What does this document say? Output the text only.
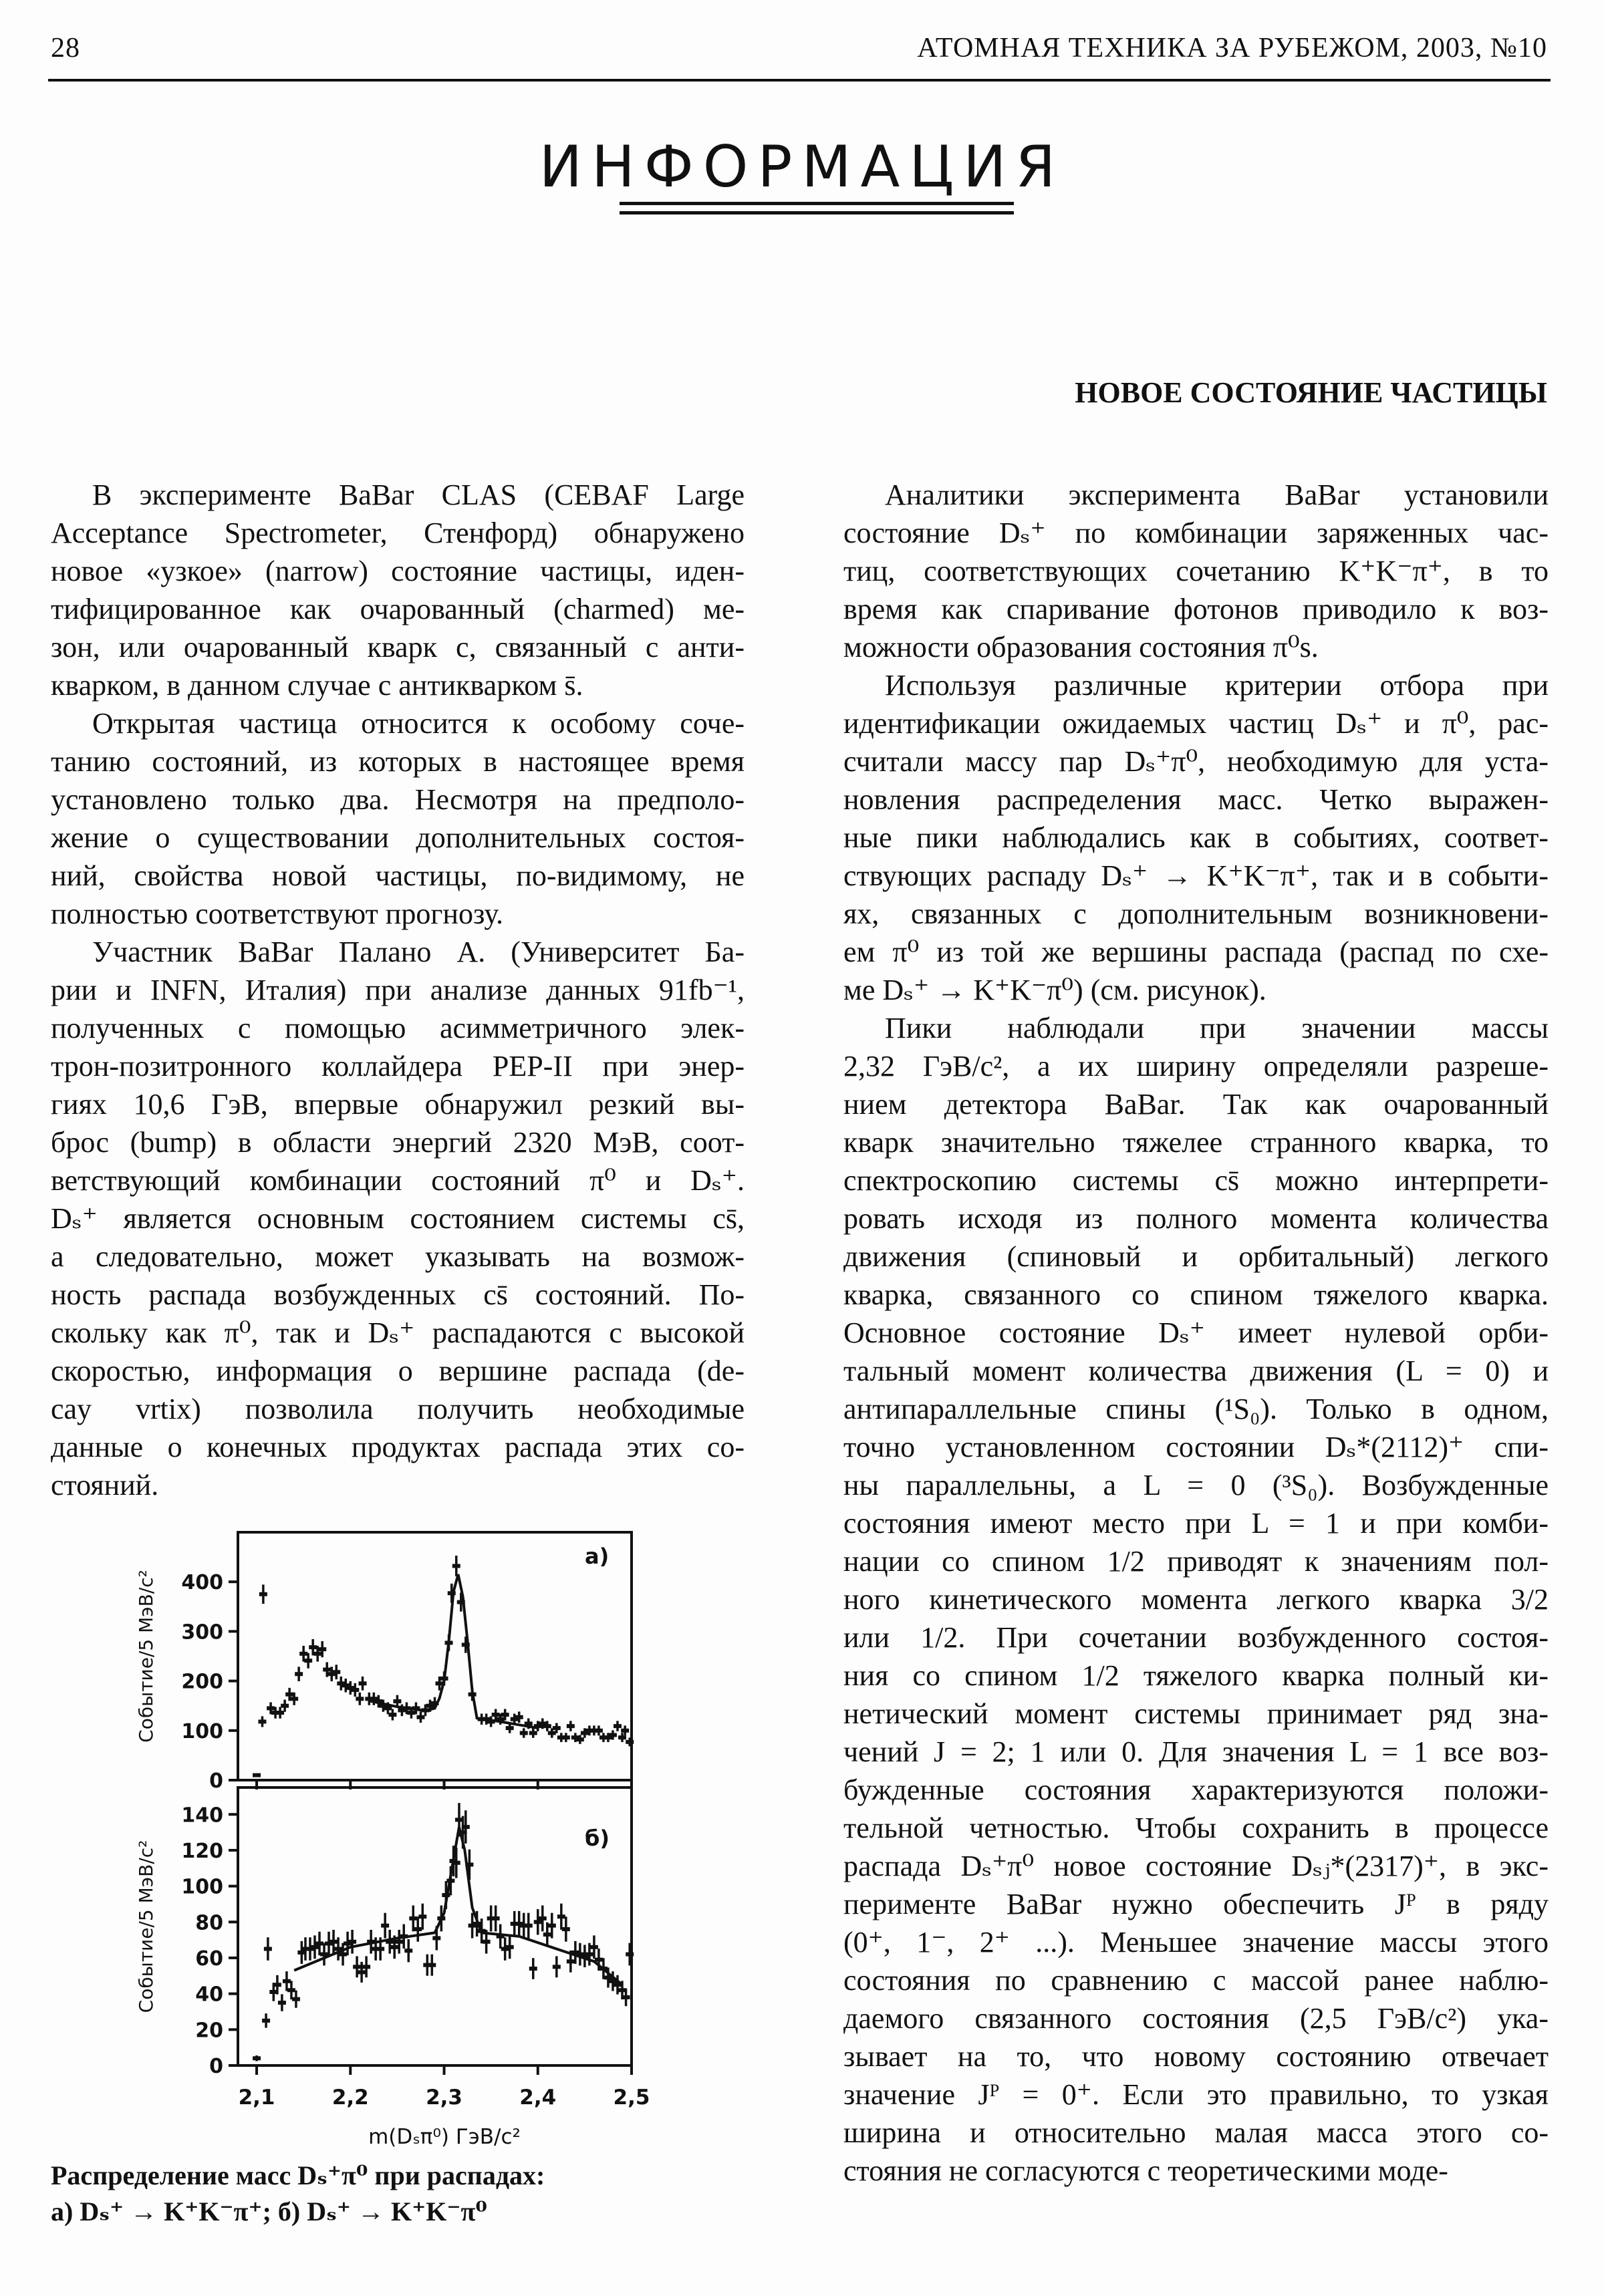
28	АТОМНАЯ ТЕХНИКА ЗА РУБЕЖОМ, 2003, №10
ИНФОРМАЦИЯ
НОВОЕ СОСТОЯНИЕ ЧАСТИЦЫ
В эксперименте BaBar CLAS (CEBAF Large
Acceptance Spectrometer, Стенфорд) обнаружено
новое «узкое» (narrow) состояние частицы, иден-
тифицированное как очарованный (charmed) ме-
зон, или очарованный кварк с, связанный с анти-
кварком, в данном случае с антикварком s̄.
Открытая частица относится к особому соче-
танию состояний, из которых в настоящее время
установлено только два. Несмотря на предполо-
жение о существовании дополнительных состоя-
ний, свойства новой частицы, по-видимому, не
полностью соответствуют прогнозу.
Участник BaBar Палано А. (Университет Ба-
рии и INFN, Италия) при анализе данных 91fb⁻¹,
полученных с помощью асимметричного элек-
трон-позитронного коллайдера PEP-II при энер-
гиях 10,6 ГэВ, впервые обнаружил резкий вы-
брос (bump) в области энергий 2320 МэВ, соот-
ветствующий комбинации состояний π⁰ и Dₛ⁺.
Dₛ⁺ является основным состоянием системы cs̄,
а следовательно, может указывать на возмож-
ность распада возбужденных cs̄ состояний. По-
скольку как π⁰, так и Dₛ⁺ распадаются с высокой
скоростью, информация о вершине распада (de-
cay vrtix) позволила получить необходимые
данные о конечных продуктах распада этих со-
стояний.
Аналитики эксперимента BaBar установили
состояние Dₛ⁺ по комбинации заряженных час-
тиц, соответствующих сочетанию K⁺K⁻π⁺, в то
время как спаривание фотонов приводило к воз-
можности образования состояния π⁰s.
Используя различные критерии отбора при
идентификации ожидаемых частиц Dₛ⁺ и π⁰, рас-
считали массу пар Dₛ⁺π⁰, необходимую для уста-
новления распределения масс. Четко выражен-
ные пики наблюдались как в событиях, соответ-
ствующих распаду Dₛ⁺ → K⁺K⁻π⁺, так и в событи-
ях, связанных с дополнительным возникновени-
ем π⁰ из той же вершины распада (распад по схе-
ме Dₛ⁺ → K⁺K⁻π⁰) (см. рисунок).
Пики наблюдали при значении массы
2,32 ГэВ/с², а их ширину определяли разреше-
нием детектора BaBar. Так как очарованный
кварк значительно тяжелее странного кварка, то
спектроскопию системы cs̄ можно интерпрети-
ровать исходя из полного момента количества
движения (спиновый и орбитальный) легкого
кварка, связанного со спином тяжелого кварка.
Основное состояние Dₛ⁺ имеет нулевой орби-
тальный момент количества движения (L = 0) и
антипараллельные спины (¹S₀). Только в одном,
точно установленном состоянии Dₛ*(2112)⁺ спи-
ны параллельны, а L = 0 (³S₀). Возбужденные
состояния имеют место при L = 1 и при комби-
нации со спином 1/2 приводят к значениям пол-
ного кинетического момента легкого кварка 3/2
или 1/2. При сочетании возбужденного состоя-
ния со спином 1/2 тяжелого кварка полный ки-
нетический момент системы принимает ряд зна-
чений J = 2; 1 или 0. Для значения L = 1 все воз-
бужденные состояния характеризуются положи-
тельной четностью. Чтобы сохранить в процессе
распада Dₛ⁺π⁰ новое состояние Dₛⱼ*(2317)⁺, в экс-
перименте BaBar нужно обеспечить Jᴾ в ряду
(0⁺, 1⁻, 2⁺ ...). Меньшее значение массы этого
состояния по сравнению с массой ранее наблю-
даемого связанного состояния (2,5 ГэВ/с²) ука-
зывает на то, что новому состоянию отвечает
значение Jᴾ = 0⁺. Если это правильно, то узкая
ширина и относительно малая масса этого со-
стояния не согласуются с теоретическими моде-
0
100
200
300
400
Событие/5 МэВ/с²
а)
0
20
40
60
80
100
120
140
2,1	2,2	2,3	2,4	2,5
Событие/5 МэВ/с²
б)
m(Dₛπ⁰) ГэВ/с²
Распределение масс Dₛ⁺π⁰ при распадах:
а) Dₛ⁺ → K⁺K⁻π⁺; б) Dₛ⁺ → K⁺K⁻π⁰
